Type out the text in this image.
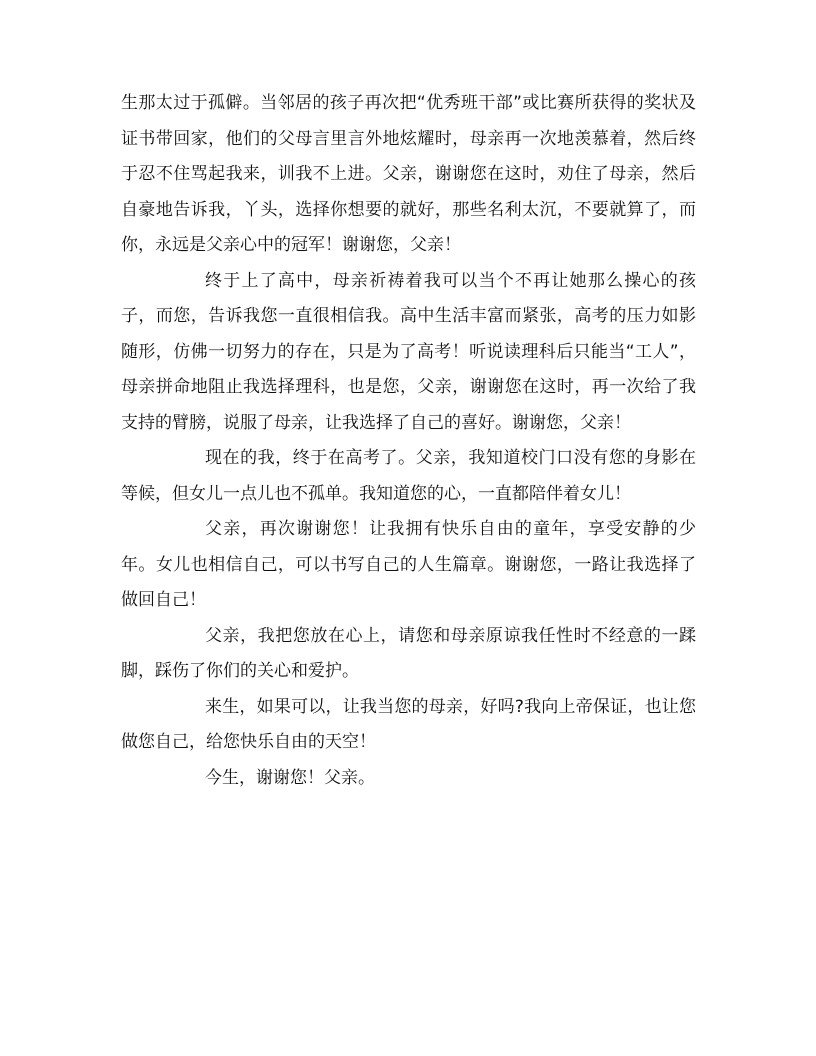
生那太过于孤僻。当邻居的孩子再次把“优秀班干部”或比赛所获得的奖状及证书带回家，他们的父母言里言外地炫耀时，母亲再一次地羡慕着，然后终于忍不住骂起我来，训我不上进。父亲，谢谢您在这时，劝住了母亲，然后自豪地告诉我，丫头，选择你想要的就好，那些名利太沉，不要就算了，而你，永远是父亲心中的冠军！谢谢您，父亲！

终于上了高中，母亲祈祷着我可以当个不再让她那么操心的孩子，而您，告诉我您一直很相信我。高中生活丰富而紧张，高考的压力如影随形，仿佛一切努力的存在，只是为了高考！听说读理科后只能当“工人”，母亲拼命地阻止我选择理科，也是您，父亲，谢谢您在这时，再一次给了我支持的臂膀，说服了母亲，让我选择了自己的喜好。谢谢您，父亲！

现在的我，终于在高考了。父亲，我知道校门口没有您的身影在等候，但女儿一点儿也不孤单。我知道您的心，一直都陪伴着女儿！

父亲，再次谢谢您！让我拥有快乐自由的童年，享受安静的少年。女儿也相信自己，可以书写自己的人生篇章。谢谢您，一路让我选择了做回自己！

父亲，我把您放在心上，请您和母亲原谅我任性时不经意的一蹂脚，踩伤了你们的关心和爱护。

来生，如果可以，让我当您的母亲，好吗?我向上帝保证，也让您做您自己，给您快乐自由的天空！

今生，谢谢您！父亲。
